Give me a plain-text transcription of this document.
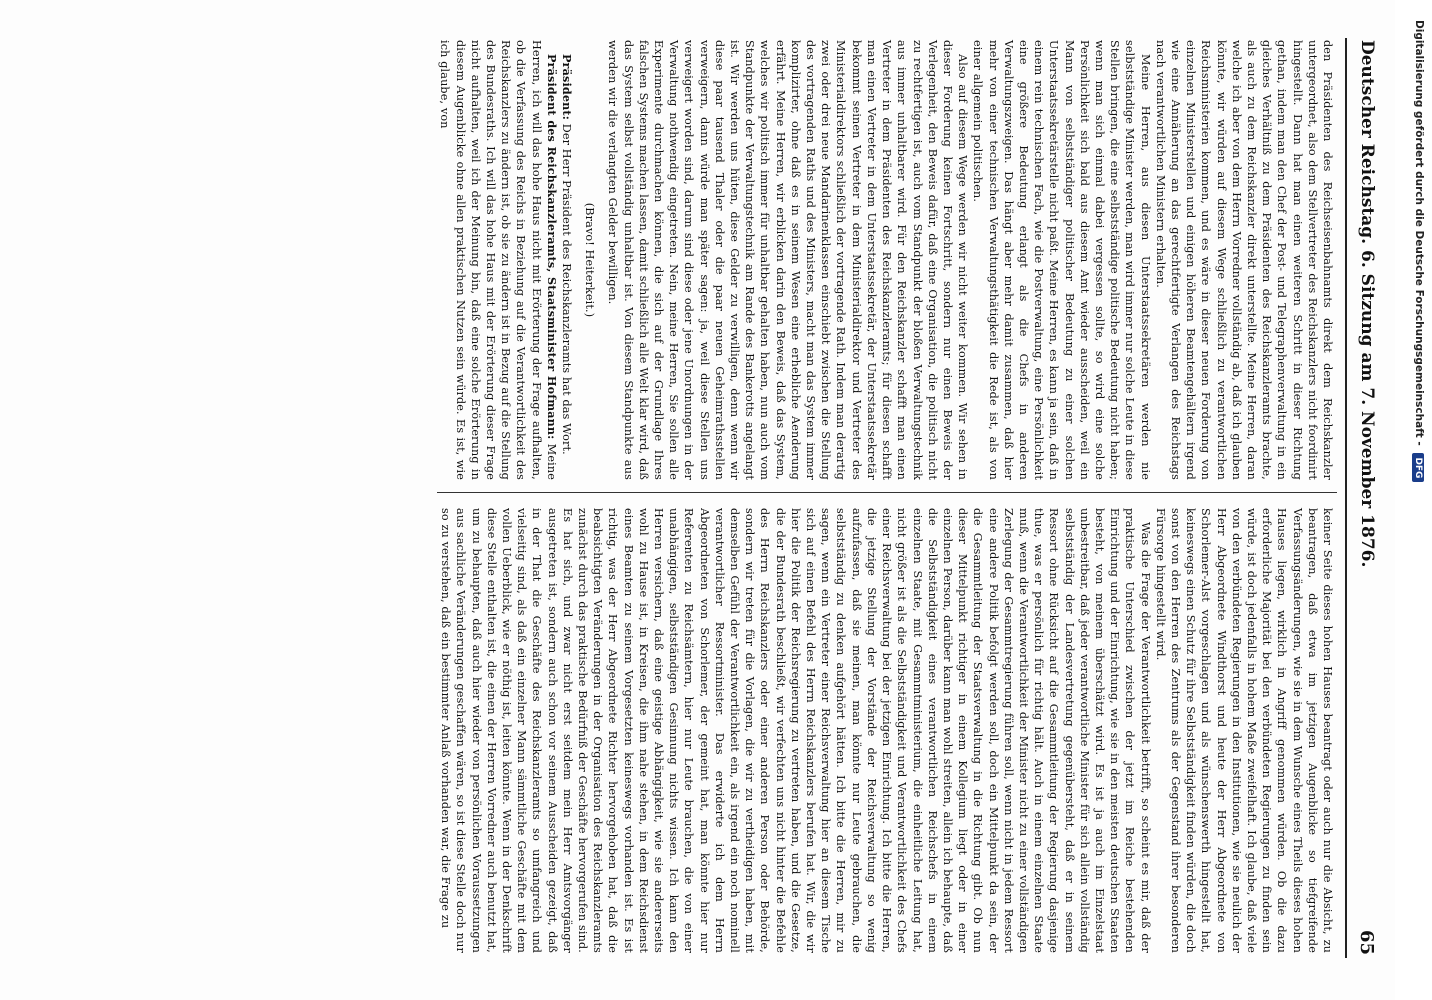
Deutscher Reichstag. 6. Sitzung am 7. November 1876.
65

den Präsidenten des Reichseisenbahnamts direkt dem Reichskanzler untergeordnet, also dem Stellvertreter des Reichskanzlers nicht foordinirt hingestellt. Dann hat man einen weiteren Schritt in dieser Richtung gethan, indem man den Chef der Post- und Telegraphenverwaltung in ein gleiches Verhältniß zu dem Präsidenten des Reichskanzleramts brachte, als auch zu dem Reichskanzler direkt unterstellte. Meine Herren, daran welche ich aber von dem Herrn Vorredner vollständig ab, daß ich glauben könnte, wir würden auf diesem Wege schließlich zu verantwortlichen Reichsministerien kommen, und es wäre in dieser neuen Forderung von einzelnen Ministerstellen und einigen höheren Beamtengehältern irgend wie eine Annäherung an das gerechtfertigte Verlangen des Reichstags nach verantwortlichen Ministern erhalten.

Meine Herren, aus diesen Unterstaatssekretären werden nie selbstständige Minister werden, man wird immer nur solche Leute in diese Stellen bringen, die eine selbstständige politische Bedeutung nicht haben; wenn man sich einmal dabei vergessen sollte, so wird eine solche Persönlichkeit sich bald aus diesem Amt wieder ausscheiden, weil ein Mann von selbstständiger politischer Bedeutung zu einer solchen Unterstaatssekretärstelle nicht paßt. Meine Herren, es kann ja sein, daß in einem rein technischen Fach, wie die Postverwaltung, eine Persönlichkeit eine größere Bedeutung erlangt als die Chefs in anderen Verwaltungszweigen. Das hängt aber mehr damit zusammen, daß hier mehr von einer technischen Verwaltungsthätigkeit die Rede ist, als von einer allgemein politischen.

Also auf diesem Wege werden wir nicht weiter kommen. Wir sehen in dieser Forderung keinen Fortschritt, sondern nur einen Beweis der Verlegenheit, den Beweis dafür, daß eine Organisation, die politisch nicht zu rechtfertigen ist, auch vom Standpunkt der bloßen Verwaltungstechnik aus immer unhaltbarer wird. Für den Reichskanzler schafft man einen Vertreter in dem Präsidenten des Reichskanzleramts; für diesen schafft man einen Vertreter in dem Unterstaatssekretär, der Unterstaatssekretär bekommt seinen Vertreter in dem Ministerialdirektor und Vertreter des Ministerialdirektors schließlich der vortragende Rath. Indem man derartig zwei oder drei neue Mandarinenklassen einschiebt zwischen die Stellung des vortragenden Raths und des Ministers, macht man das System immer komplizirter, ohne daß es in seinem Wesen eine erhebliche Aenderung erfährt. Meine Herren, wir erblicken darin den Beweis, daß das System, welches wir politisch immer für unhaltbar gehalten haben, nun auch vom Standpunkte der Verwaltungstechnik am Rande des Bankerotts angelangt ist. Wir werden uns hüten, diese Gelder zu verwilligen, denn wenn wir diese paar tausend Thaler oder die paar neuen Geheimrathsstellen verweigern, dann würde man später sagen: ja, weil diese Stellen uns verweigert worden sind, darum sind diese oder jene Unordnungen in der Verwaltung nothwendig eingetreten. Nein, meine Herren, Sie sollen alle Experimente durchmachen können, die sich auf der Grundlage Ihres falschen Systems machen lassen, damit schließlich alle Welt klar wird, daß das System selbst vollständig unhaltbar ist. Von diesem Standpunkte aus werden wir die verlangten Gelder bewilligen.

(Bravo! Heiterkeit.)

Präsident: Der Herr Präsident des Reichskanzleramts hat das Wort.

Präsident des Reichskanzleramts, Staatsminister Hofmann: Meine Herren, ich will das hohe Haus nicht mit Erörterung der Frage aufhalten, ob die Verfassung des Reichs in Beziehung auf die Verantwortlichkeit des Reichskanzlers zu ändern ist, ob sie zu ändern ist in Bezug auf die Stellung des Bundesraths. Ich will das hohe Haus mit der Erörterung dieser Frage nicht aufhalten, weil ich der Meinung bin, daß eine solche Erörterung in diesem Augenblicke ohne allen praktischen Nutzen sein würde. Es ist, wie ich glaube, von

keiner Seite dieses hohen Hauses beantragt oder auch nur die Absicht, zu beantragen, daß etwa im jetzigen Augenblicke so tiefgreifende Verfassungsänderungen, wie sie in dem Wunsche eines Theils dieses hohen Hauses liegen, wirklich in Angriff genommen würden. Ob die dazu erforderliche Majorität bei den verbündeten Regierungen zu finden sein würde, ist doch jedenfalls in hohem Maße zweifelhaft. Ich glaube, daß viele von den verbündeten Regierungen in den Institutionen, wie sie neulich der Herr Abgeordnete Windthorst und heute der Herr Abgeordnete von Schorlemer-Alst vorgeschlagen und als wünschenswerth hingestellt hat, keineswegs einen Schutz für ihre Selbstständigkeit finden würden, die doch sonst von den Herren des Zentrums als der Gegenstand ihrer besonderen Fürsorge hingestellt wird.

Was die Frage der Verantwortlichkeit betrifft, so scheint es mir, daß der praktische Unterschied zwischen der jetzt im Reiche bestehenden Einrichtung und der Einrichtung, wie sie in den meisten deutschen Staaten besteht, von meinem überschätzt wird. Es ist ja auch im Einzelstaat unbestreitbar, daß jeder verantwortliche Minister für sich allein vollständig selbstständig der Landesvertretung gegenübersteht, daß er in seinem Ressort ohne Rücksicht auf die Gesammtleitung der Regierung dasjenige thue, was er persönlich für richtig hält. Auch in einem einzelnen Staate muß, wenn die Verantwortlichkeit der Minister nicht zu einer vollständigen Zerlegung der Gesammtregierung führen soll, wenn nicht in jedem Ressort eine andere Politik befolgt werden soll, doch ein Mittelpunkt da sein, der die Gesammtleitung der Staatsverwaltung in die Richtung gibt. Ob nun dieser Mittelpunkt richtiger in einem Kollegium liegt oder in einer einzelnen Person, darüber kann man wohl streiten, allein ich behaupte, daß die Selbstständigkeit eines verantwortlichen Reichschefs in einem einzelnen Staate, mit Gesammtministerium, die einheitliche Leitung hat, nicht größer ist als die Selbstständigkeit und Verantwortlichkeit des Chefs einer Reichsverwaltung bei der jetzigen Einrichtung. Ich bitte die Herren, die jetzige Stellung der Vorstände der Reichsverwaltung so wenig aufzufassen, daß sie meinen, man könnte nur Leute gebrauchen, die selbstständig zu denken aufgehört hätten. Ich bitte die Herren, mir zu sagen, wenn ein Vertreter einer Reichsverwaltung hier an diesem Tische sich auf einen Befehl des Herrn Reichskanzlers berufen hat. Wir, die wir hier die Politik der Reichsregierung zu vertreten haben, und die Gesetze, die der Bundesrath beschließt, wir verfechten uns nicht hinter die Befehle des Herrn Reichskanzlers oder einer anderen Person oder Behörde, sondern wir treten für die Vorlagen, die wir zu vertheidigen haben, mit demselben Gefühl der Verantwortlichkeit ein, als irgend ein noch nominell verantwortlicher Ressortminister. Das erwiderte ich dem Herrn Abgeordneten von Schorlemer, der gemeint hat, man könnte hier nur Referenten zu Reichsämtern, hier nur Leute brauchen, die von einer unabhängigen, selbstständigen Gesinnung nichts wissen. Ich kann den Herren versichern, daß eine geistige Abhängigkeit, wie sie andererseits wohl zu Hause ist, in Kreisen, die ihm nahe stehen, in dem Reichsdienst eines Beamten zu seinem Vorgesetzten keineswegs vorhanden ist. Es ist richtig, was der Herr Abgeordnete Richter hervorgehoben hat, daß die beabsichtigten Veränderungen in der Organisation des Reichskanzleramts zunächst durch das praktische Bedürfniß der Geschäfte hervorgerufen sind. Es hat sich, und zwar nicht erst seitdem mein Herr Amtsvorgänger ausgetreten ist, sondern auch schon vor seinem Ausscheiden gezeigt, daß in der That die Geschäfte des Reichskanzleramts so umfangreich und vielseitig sind, als daß ein einzelner Mann sämmtliche Geschäfte mit dem vollen Ueberblick, wie er nöthig ist, leiten könnte. Wenn in der Denkschrift diese Stelle enthalten ist, die einen der Herren Vorredner auch benutzt hat, um zu behaupten, daß auch hier wieder von persönlichen Voraussetzungen aus sachliche Veränderungen geschaffen wären, so ist diese Stelle doch nur so zu verstehen, daß ein bestimmter Anlaß vorhanden war, die Frage zu

Digitalisierung gefördert durch die Deutsche Forschungsgemeinschaft - DFG
